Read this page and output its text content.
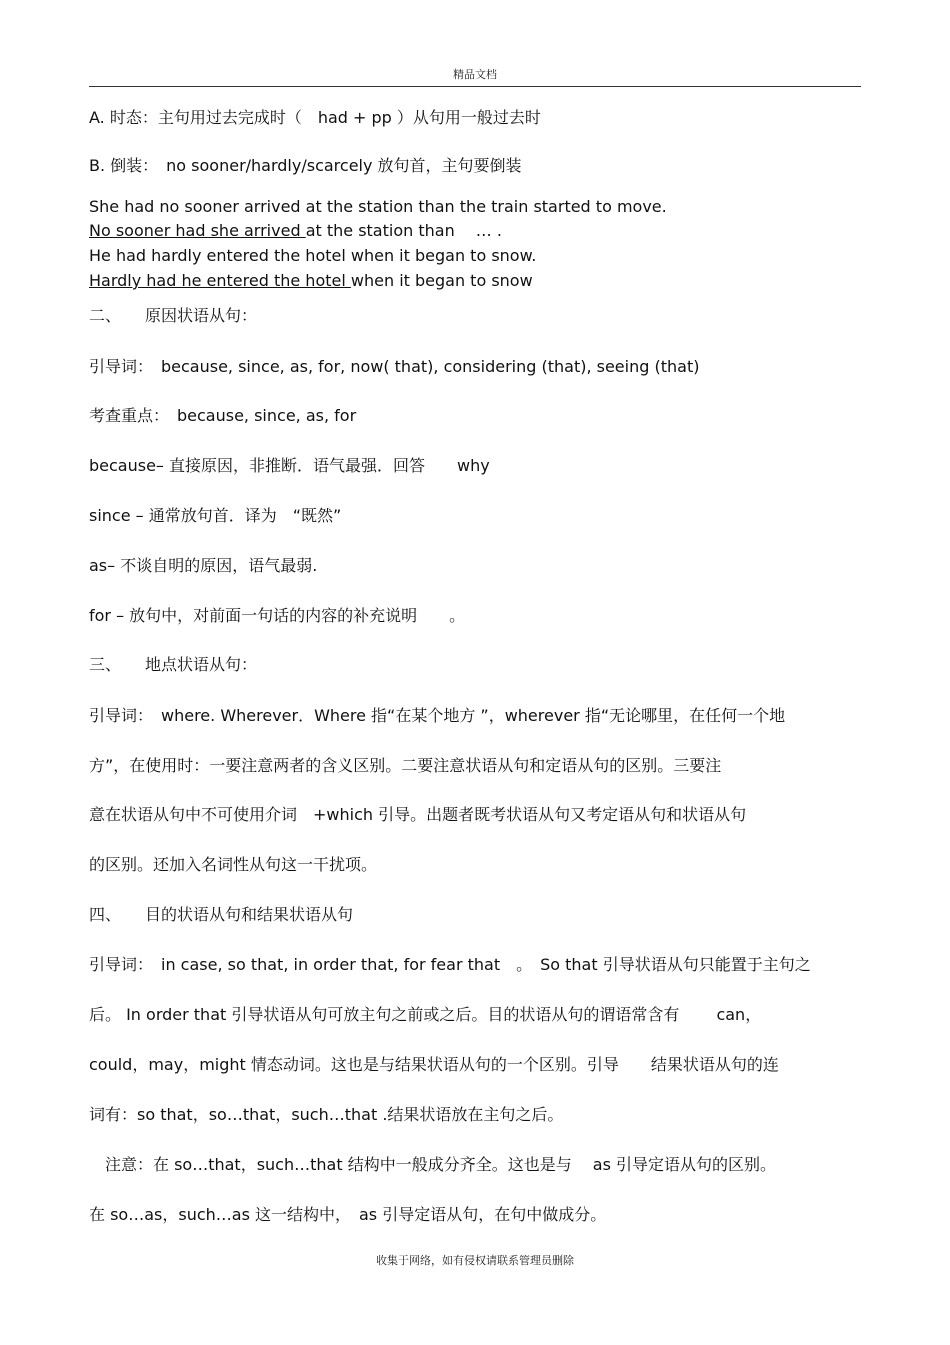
精品文档
A. 时态：主句用过去完成时（　had + pp ）从句用一般过去时
B. 倒装：　no sooner/hardly/scarcely 放句首，主句要倒装
She had no sooner arrived at the station than the train started to move.
No sooner had she arrived at the station than　 … .
He had hardly entered the hotel when it began to snow.
Hardly had he entered the hotel when it began to snow
二、　　原因状语从句：
引导词：　because, since, as, for, now( that), considering (that), seeing (that)
考查重点：　because, since, as, for
because– 直接原因，非推断．语气最强．回答　　why
since – 通常放句首．译为　“既然”
as– 不谈自明的原因，语气最弱.
for – 放句中，对前面一句话的内容的补充说明　　。
三、　　地点状语从句：
引导词：　where. Wherever．Where 指“在某个地方 ”，wherever 指“无论哪里，在任何一个地
方”，在使用时：一要注意两者的含义区别。二要注意状语从句和定语从句的区别。三要注
意在状语从句中不可使用介词　+which 引导。出题者既考状语从句又考定语从句和状语从句
的区别。还加入名词性从句这一干扰项。
四、　　目的状语从句和结果状语从句
引导词：　in case, so that, in order that, for fear that　。　So that 引导状语从句只能置于主句之
后。 In order that 引导状语从句可放主句之前或之后。目的状语从句的谓语常含有　　 can，
could，may，might 情态动词。这也是与结果状语从句的一个区别。引导　　结果状语从句的连
词有：so that，so…that，such…that .结果状语放在主句之后。
注意：在 so…that，such…that 结构中一般成分齐全。这也是与　 as 引导定语从句的区别。
在 so…as，such…as 这一结构中，　as 引导定语从句，在句中做成分。
收集于网络，如有侵权请联系管理员删除
